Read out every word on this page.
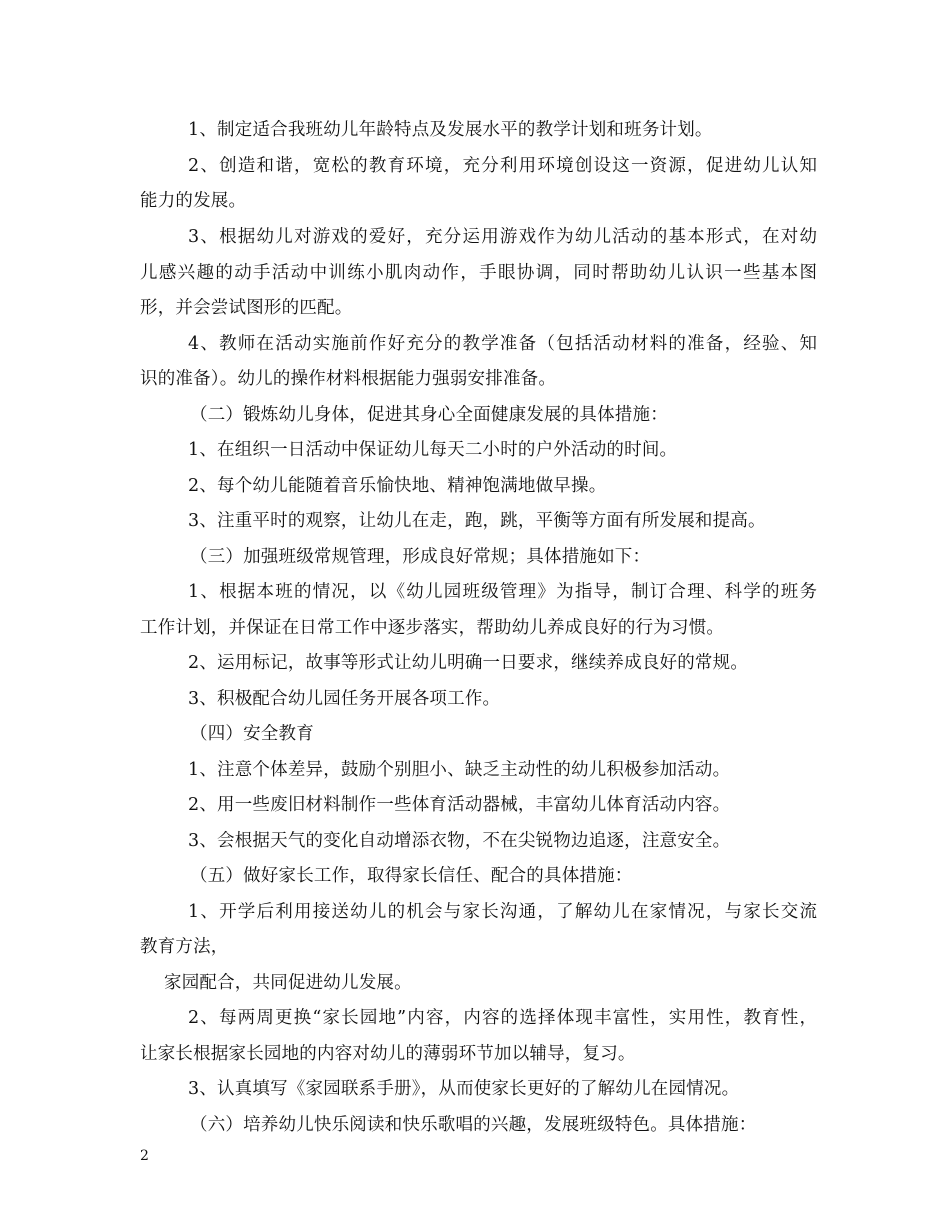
1、制定适合我班幼儿年龄特点及发展水平的教学计划和班务计划。
2、创造和谐，宽松的教育环境，充分利用环境创设这一资源，促进幼儿认知
能力的发展。
3、根据幼儿对游戏的爱好，充分运用游戏作为幼儿活动的基本形式，在对幼
儿感兴趣的动手活动中训练小肌肉动作，手眼协调，同时帮助幼儿认识一些基本图
形，并会尝试图形的匹配。
4、教师在活动实施前作好充分的教学准备（包括活动材料的准备，经验、知
识的准备）。幼儿的操作材料根据能力强弱安排准备。
（二）锻炼幼儿身体，促进其身心全面健康发展的具体措施：
1、在组织一日活动中保证幼儿每天二小时的户外活动的时间。
2、每个幼儿能随着音乐愉快地、精神饱满地做早操。
3、注重平时的观察，让幼儿在走，跑，跳，平衡等方面有所发展和提高。
（三）加强班级常规管理，形成良好常规；具体措施如下：
1、根据本班的情况，以《幼儿园班级管理》为指导，制订合理、科学的班务
工作计划，并保证在日常工作中逐步落实，帮助幼儿养成良好的行为习惯。
2、运用标记，故事等形式让幼儿明确一日要求，继续养成良好的常规。
3、积极配合幼儿园任务开展各项工作。
（四）安全教育
1、注意个体差异，鼓励个别胆小、缺乏主动性的幼儿积极参加活动。
2、用一些废旧材料制作一些体育活动器械，丰富幼儿体育活动内容。
3、会根据天气的变化自动增添衣物，不在尖锐物边追逐，注意安全。
（五）做好家长工作，取得家长信任、配合的具体措施：
1、开学后利用接送幼儿的机会与家长沟通，了解幼儿在家情况，与家长交流
教育方法，
家园配合，共同促进幼儿发展。
2、每两周更换“家长园地”内容，内容的选择体现丰富性，实用性，教育性，
让家长根据家长园地的内容对幼儿的薄弱环节加以辅导，复习。
3、认真填写《家园联系手册》，从而使家长更好的了解幼儿在园情况。
（六）培养幼儿快乐阅读和快乐歌唱的兴趣，发展班级特色。具体措施：
2
